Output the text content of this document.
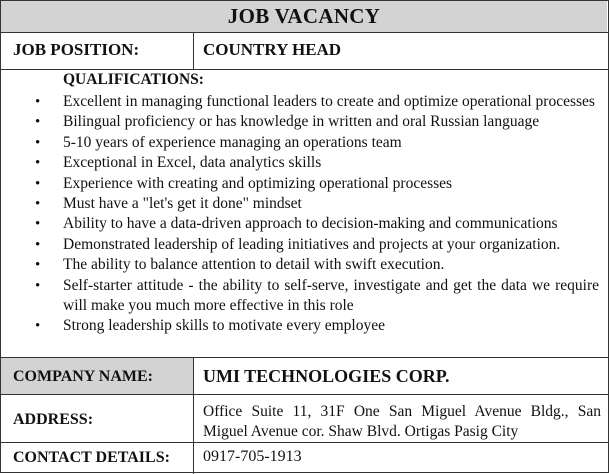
JOB VACANCY
JOB POSITION:	COUNTRY HEAD
QUALIFICATIONS:
• Excellent in managing functional leaders to create and optimize operational processes
• Bilingual proficiency or has knowledge in written and oral Russian language
• 5-10 years of experience managing an operations team
• Exceptional in Excel, data analytics skills
• Experience with creating and optimizing operational processes
• Must have a "let's get it done" mindset
• Ability to have a data-driven approach to decision-making and communications
• Demonstrated leadership of leading initiatives and projects at your organization.
• The ability to balance attention to detail with swift execution.
• Self-starter attitude - the ability to self-serve, investigate and get the data we require will make you much more effective in this role
• Strong leadership skills to motivate every employee
COMPANY NAME:	UMI TECHNOLOGIES CORP.
ADDRESS:	Office Suite 11, 31F One San Miguel Avenue Bldg., San Miguel Avenue cor. Shaw Blvd. Ortigas Pasig City
CONTACT DETAILS: 0917-705-1913
